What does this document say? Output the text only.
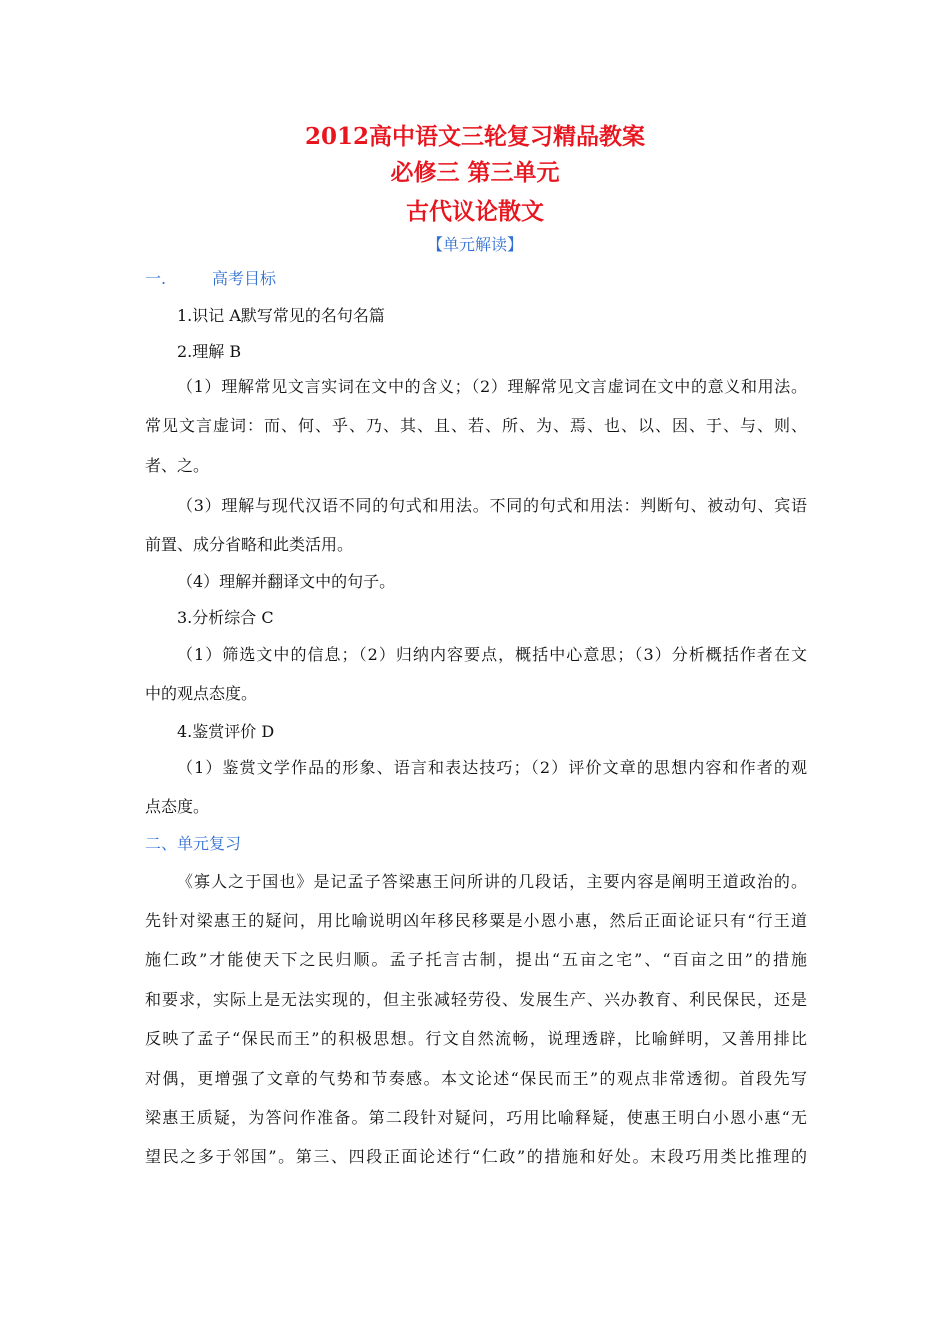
2012高中语文三轮复习精品教案
必修三 第三单元
古代议论散文
【单元解读】
一.	高考目标
1.识记 A默写常见的名句名篇
2.理解 B
（1）理解常见文言实词在文中的含义；（2）理解常见文言虚词在文中的意义和用法。
常见文言虚词：而、何、乎、乃、其、且、若、所、为、焉、也、以、因、于、与、则、
者、之。
（3）理解与现代汉语不同的句式和用法。不同的句式和用法：判断句、被动句、宾语
前置、成分省略和此类活用。
（4）理解并翻译文中的句子。
3.分析综合 C
（1）筛选文中的信息；（2）归纳内容要点，概括中心意思；（3）分析概括作者在文
中的观点态度。
4.鉴赏评价 D
（1）鉴赏文学作品的形象、语言和表达技巧；（2）评价文章的思想内容和作者的观
点态度。
二、单元复习
《寡人之于国也》是记孟子答梁惠王问所讲的几段话，主要内容是阐明王道政治的。
先针对梁惠王的疑问，用比喻说明凶年移民移粟是小恩小惠，然后正面论证只有“行王道
施仁政”才能使天下之民归顺。孟子托言古制，提出“五亩之宅”、“百亩之田”的措施
和要求，实际上是无法实现的，但主张减轻劳役、发展生产、兴办教育、利民保民，还是
反映了孟子“保民而王”的积极思想。行文自然流畅，说理透辟，比喻鲜明，又善用排比
对偶，更增强了文章的气势和节奏感。本文论述“保民而王”的观点非常透彻。首段先写
梁惠王质疑，为答问作准备。第二段针对疑问，巧用比喻释疑，使惠王明白小恩小惠“无
望民之多于邻国”。第三、四段正面论述行“仁政”的措施和好处。末段巧用类比推理的
